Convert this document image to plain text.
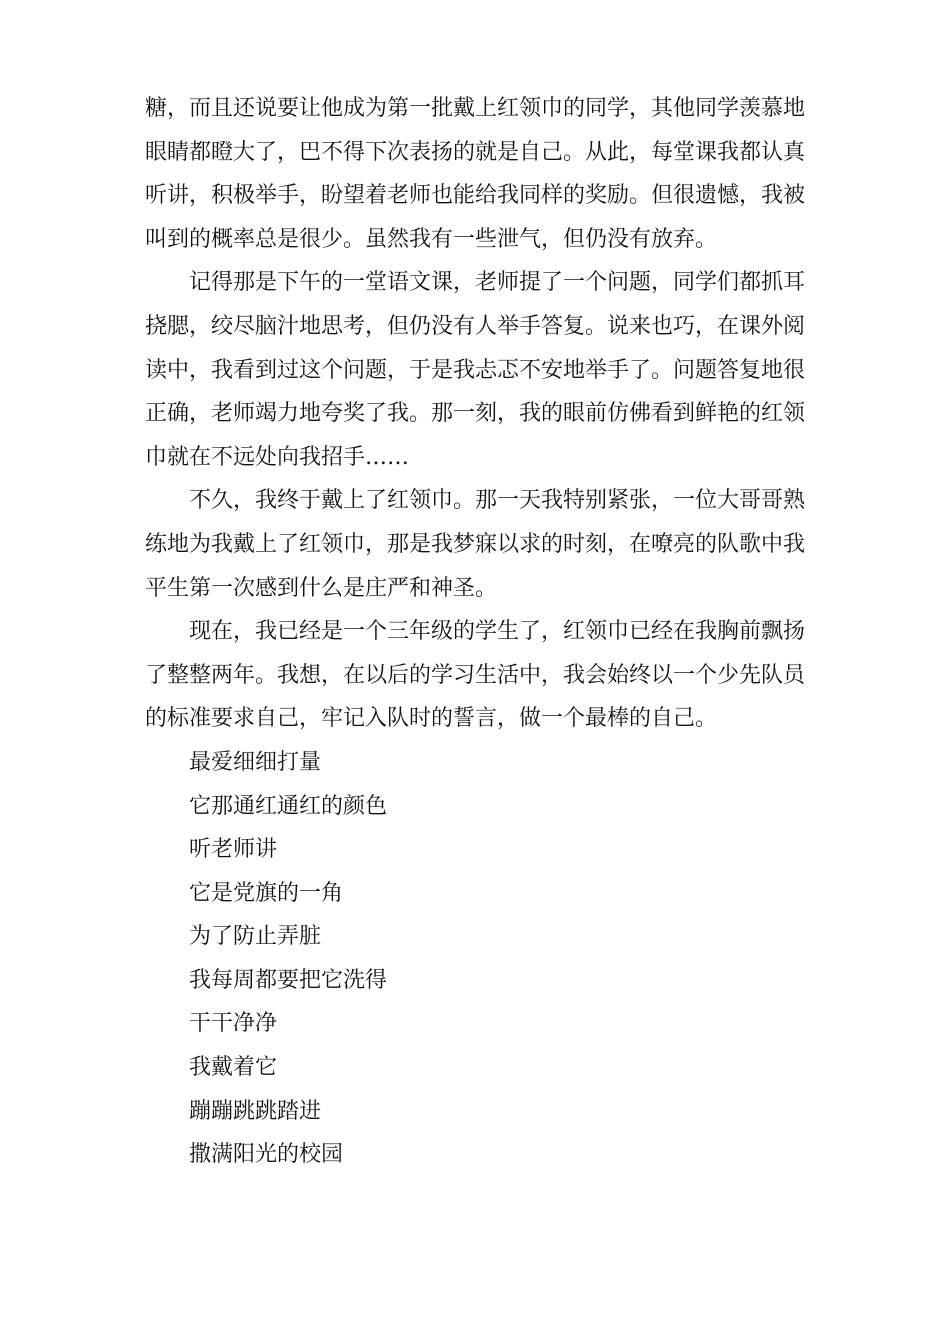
糖，而且还说要让他成为第一批戴上红领巾的同学，其他同学羡慕地眼睛都瞪大了，巴不得下次表扬的就是自己。从此，每堂课我都认真听讲，积极举手，盼望着老师也能给我同样的奖励。但很遗憾，我被叫到的概率总是很少。虽然我有一些泄气，但仍没有放弃。

记得那是下午的一堂语文课，老师提了一个问题，同学们都抓耳挠腮，绞尽脑汁地思考，但仍没有人举手答复。说来也巧，在课外阅读中，我看到过这个问题，于是我忐忑不安地举手了。问题答复地很正确，老师竭力地夸奖了我。那一刻，我的眼前仿佛看到鲜艳的红领巾就在不远处向我招手……

不久，我终于戴上了红领巾。那一天我特别紧张，一位大哥哥熟练地为我戴上了红领巾，那是我梦寐以求的时刻，在嘹亮的队歌中我平生第一次感到什么是庄严和神圣。

现在，我已经是一个三年级的学生了，红领巾已经在我胸前飘扬了整整两年。我想，在以后的学习生活中，我会始终以一个少先队员的标准要求自己，牢记入队时的誓言，做一个最棒的自己。

最爱细细打量

它那通红通红的颜色

听老师讲

它是党旗的一角

为了防止弄脏

我每周都要把它洗得

干干净净

我戴着它

蹦蹦跳跳踏进

撒满阳光的校园
